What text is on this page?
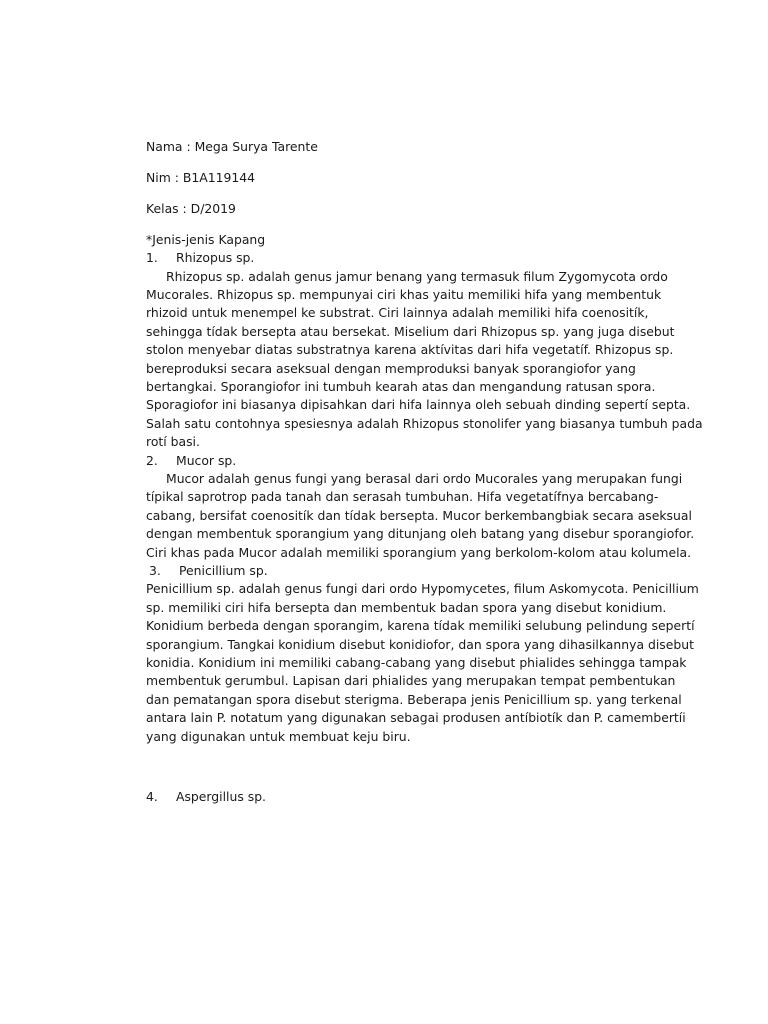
Nama : Mega Surya Tarente

Nim : B1A119144

Kelas : D/2019

*Jenis-jenis Kapang

1. Rhizopus sp.

Rhizopus sp. adalah genus jamur benang yang termasuk filum Zygomycota ordo

Mucorales. Rhizopus sp. mempunyai ciri khas yaitu memiliki hifa yang membentuk

rhizoid untuk menempel ke substrat. Ciri lainnya adalah memiliki hifa coenositík,

sehingga tídak bersepta atau bersekat. Miselium dari Rhizopus sp. yang juga disebut

stolon menyebar diatas substratnya karena aktívitas dari hifa vegetatíf. Rhizopus sp.

bereproduksi secara aseksual dengan memproduksi banyak sporangiofor yang

bertangkai. Sporangiofor ini tumbuh kearah atas dan mengandung ratusan spora.

Sporagiofor ini biasanya dipisahkan dari hifa lainnya oleh sebuah dinding sepertí septa.

Salah satu contohnya spesiesnya adalah Rhizopus stonolifer yang biasanya tumbuh pada

rotí basi.

2. Mucor sp.

Mucor adalah genus fungi yang berasal dari ordo Mucorales yang merupakan fungi

típikal saprotrop pada tanah dan serasah tumbuhan. Hifa vegetatífnya bercabang-

cabang, bersifat coenositík dan tídak bersepta. Mucor berkembangbiak secara aseksual

dengan membentuk sporangium yang ditunjang oleh batang yang disebur sporangiofor.

Ciri khas pada Mucor adalah memiliki sporangium yang berkolom-kolom atau kolumela.

3. Penicillium sp.

Penicillium sp. adalah genus fungi dari ordo Hypomycetes, filum Askomycota. Penicillium

sp. memiliki ciri hifa bersepta dan membentuk badan spora yang disebut konidium.

Konidium berbeda dengan sporangim, karena tídak memiliki selubung pelindung sepertí

sporangium. Tangkai konidium disebut konidiofor, dan spora yang dihasilkannya disebut

konidia. Konidium ini memiliki cabang-cabang yang disebut phialides sehingga tampak

membentuk gerumbul. Lapisan dari phialides yang merupakan tempat pembentukan

dan pematangan spora disebut sterigma. Beberapa jenis Penicillium sp. yang terkenal

antara lain P. notatum yang digunakan sebagai produsen antíbiotík dan P. camembertíi

yang digunakan untuk membuat keju biru.

4. Aspergillus sp.
